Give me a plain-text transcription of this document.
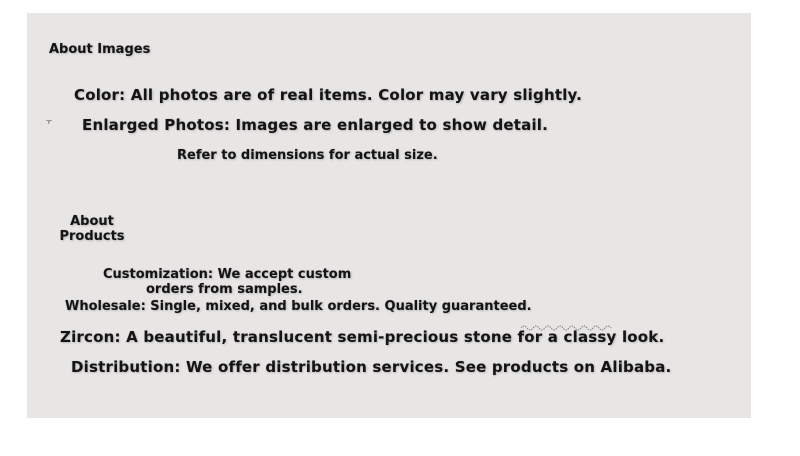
About Images
Color: All photos are of real items. Color may vary slightly.
Enlarged Photos: Images are enlarged to show detail.
Refer to dimensions for actual size.
About
Products
Customization: We accept custom
orders from samples.
Wholesale: Single, mixed, and bulk orders. Quality guaranteed.
Zircon: A beautiful, translucent semi-precious stone for a classy look.
Distribution: We offer distribution services. See products on Alibaba.
